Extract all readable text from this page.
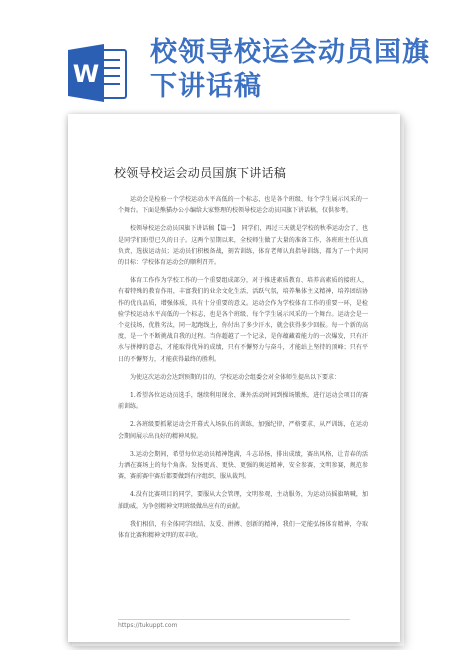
W
校领导校运会动员国旗下讲话稿
校领导校运会动员国旗下讲话稿

运动会是检验一个学校运动水平高低的一个标志，也是各个班级、每个学生展示风采的一个舞台。下面是熊猫办公小编给大家整理的校领导校运会动员国旗下讲话稿，仅供参考。

校领导校运会动员国旗下讲话稿【篇一】　同学们，再过三天就是学校的秋季运动会了，也是同学们盼望已久的日子。这两个星期以来，全校师生做了大量的准备工作，各班班主任认真负责，选拔运动员；运动员们积极备战，刻苦训练，体育老师认真指导训练，都为了一个共同的目标：学校体育运动会的顺利召开。

体育工作作为学校工作的一个重要组成部分，对于推进素质教育、培养高素质的接班人，有着特殊的教育作用，丰富我们的业余文化生活，活跃气氛，培养集体主义精神，培养团结协作的优良品质，增强体质，具有十分重要的意义。运动会作为学校体育工作的重要一环，是检验学校运动水平高低的一个标志，也是各个班级、每个学生展示风采的一个舞台。运动会是一个竞技场，优胜劣汰，同一起跑线上，你付出了多少汗水，就会获得多少回报。每一个新的高度，是一个不断挑战自我的过程。当你超越了一个记录，是你蕴藏着能力的一次爆发，只有汗水与拼搏的意志，才能取得优异的成绩，只有不懈努力与奋斗，才能站上坚持的顶峰；只有平日的不懈努力，才能获得最终的胜利。

为使这次运动会达到预期的目的，学校运动会组委会对全体师生提出以下要求：

1.希望各位运动员选手，继续利用课余、课外活动时间到操场锻炼，进行运动会项目的赛前训练。

2.各班级要抓紧运动会开幕式入场队伍的训练，加强纪律，严格要求，从严训练，在运动会期间展示出良好的精神风貌。

3.运动会期间，希望每位运动员精神饱满，斗志昂扬，排出成绩，赛出风格，让青春的活力洒在赛场上的每个角落。发扬更高、更快、更强的奥运精神，安全参赛，文明参赛，规范参赛，赛前赛中赛后都要做到有序组织，服从裁判。

4.没有比赛项目的同学，要服从大会管理，文明参观，主动服务，为运动员摇旗呐喊，加油助威，为争创精神文明班级做出应有的贡献。

我们相信，有全体同学团结、友爱、拼搏、创新的精神，我们一定能弘扬体育精神，夺取体育比赛和精神文明的双丰收。

https://tukuppt.com
